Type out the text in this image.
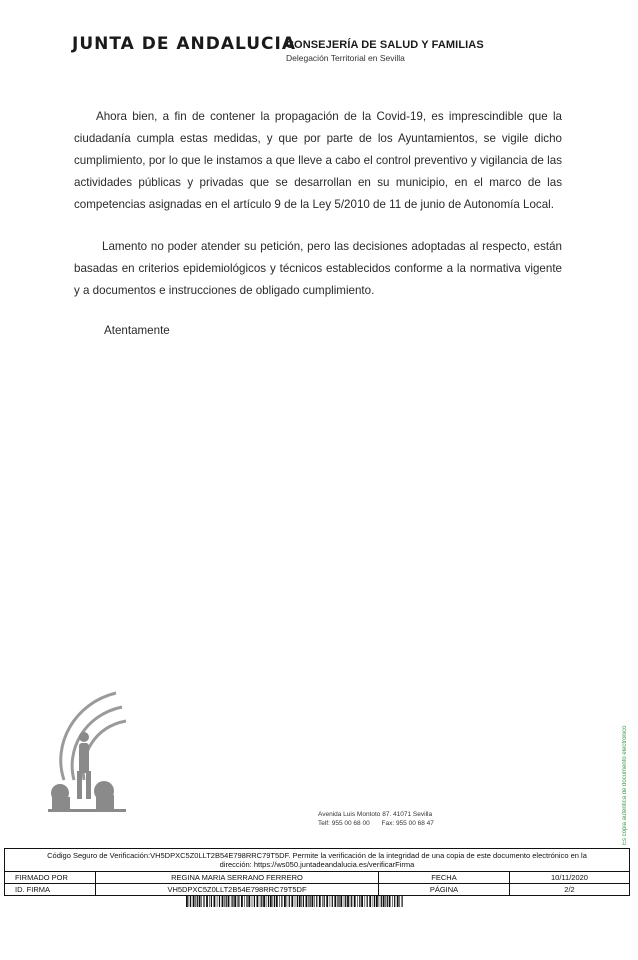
JUNTA DE ANDALUCIA
CONSEJERÍA DE SALUD Y FAMILIAS
Delegación Territorial en Sevilla

Ahora bien, a fin de contener la propagación de la Covid-19, es imprescindible que la ciudadanía cumpla estas medidas, y que por parte de los Ayuntamientos, se vigile dicho cumplimiento, por lo que le instamos a que lleve a cabo el control preventivo y vigilancia de las actividades públicas y privadas que se desarrollan en su municipio, en el marco de las competencias asignadas en el artículo 9 de la Ley 5/2010 de 11 de junio de Autonomía Local.

Lamento no poder atender su petición, pero las decisiones adoptadas al respecto, están basadas en criterios epidemiológicos y técnicos establecidos conforme a la normativa vigente y a documentos e instrucciones de obligado cumplimiento.

Atentamente
Avenida Luis Montoto 87. 41071 Sevilla
Telf: 955 00 68 00 Fax: 955 00 68 47
Código Seguro de Verificación:VH5DPXC5Z0LLT2B54E798RRC79T5DF. Permite la verificación de la integridad de una copia de este documento electrónico en la dirección: https://ws050.juntadeandalucia.es/verificarFirma
FIRMADO POR	REGINA MARIA SERRANO FERRERO	FECHA	10/11/2020
ID. FIRMA	VH5DPXC5Z0LLT2B54E798RRC79T5DF	PÁGINA	2/2
Es copia auténtica de documento electrónico
